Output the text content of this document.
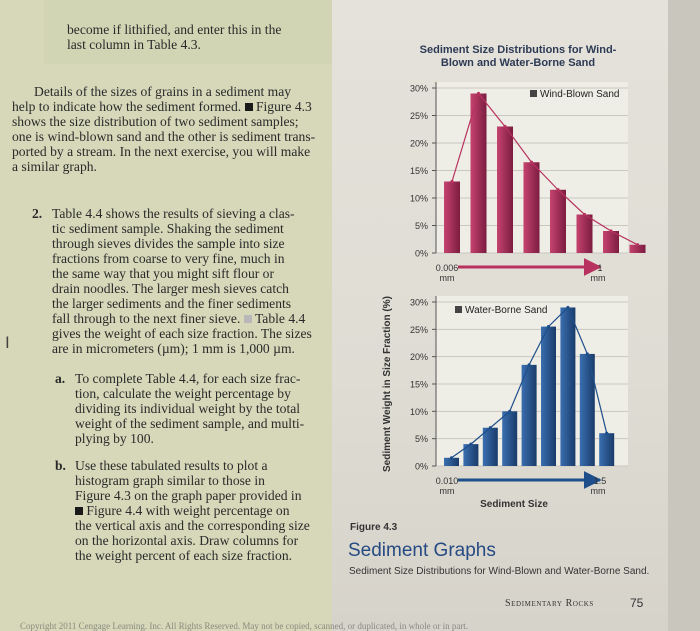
become if lithified, and enter this in the
last column in Table 4.3.
Details of the sizes of grains in a sediment may
help to indicate how the sediment formed. Figure 4.3
shows the size distribution of two sediment samples;
one is wind-blown sand and the other is sediment trans-
ported by a stream. In the next exercise, you will make
a similar graph.
2. Table 4.4 shows the results of sieving a clas-
tic sediment sample. Shaking the sediment
through sieves divides the sample into size
fractions from coarse to very fine, much in
the same way that you might sift flour or
drain noodles. The larger mesh sieves catch
the larger sediments and the finer sediments
fall through to the next finer sieve. Table 4.4
gives the weight of each size fraction. The sizes
are in micrometers (µm); 1 mm is 1,000 µm.
I
a. To complete Table 4.4, for each size frac-
tion, calculate the weight percentage by
dividing its individual weight by the total
weight of the sediment sample, and multi-
plying by 100.
b. Use these tabulated results to plot a
histogram graph similar to those in
Figure 4.3 on the graph paper provided in
Figure 4.4 with weight percentage on
the vertical axis and the corresponding size
on the horizontal axis. Draw columns for
the weight percent of each size fraction.
Sediment Size Distributions for Wind-Blown and Water-Borne Sand
0%
5%
10%
15%
20%
25%
30%
Wind-Blown Sand
0.006
mm
1
mm
0%
5%
10%
15%
20%
25%
30%
Water-Borne Sand
0.010
mm
1.5
mm
Sediment Size
Sediment Weight in Size Fraction (%)
Figure 4.3
Sediment Graphs
Sediment Size Distributions for Wind-Blown and Water-Borne Sand.
Sedimentary Rocks	75
Copyright 2011 Cengage Learning. Inc. All Rights Reserved. May not be copied, scanned, or duplicated, in whole or in part.
